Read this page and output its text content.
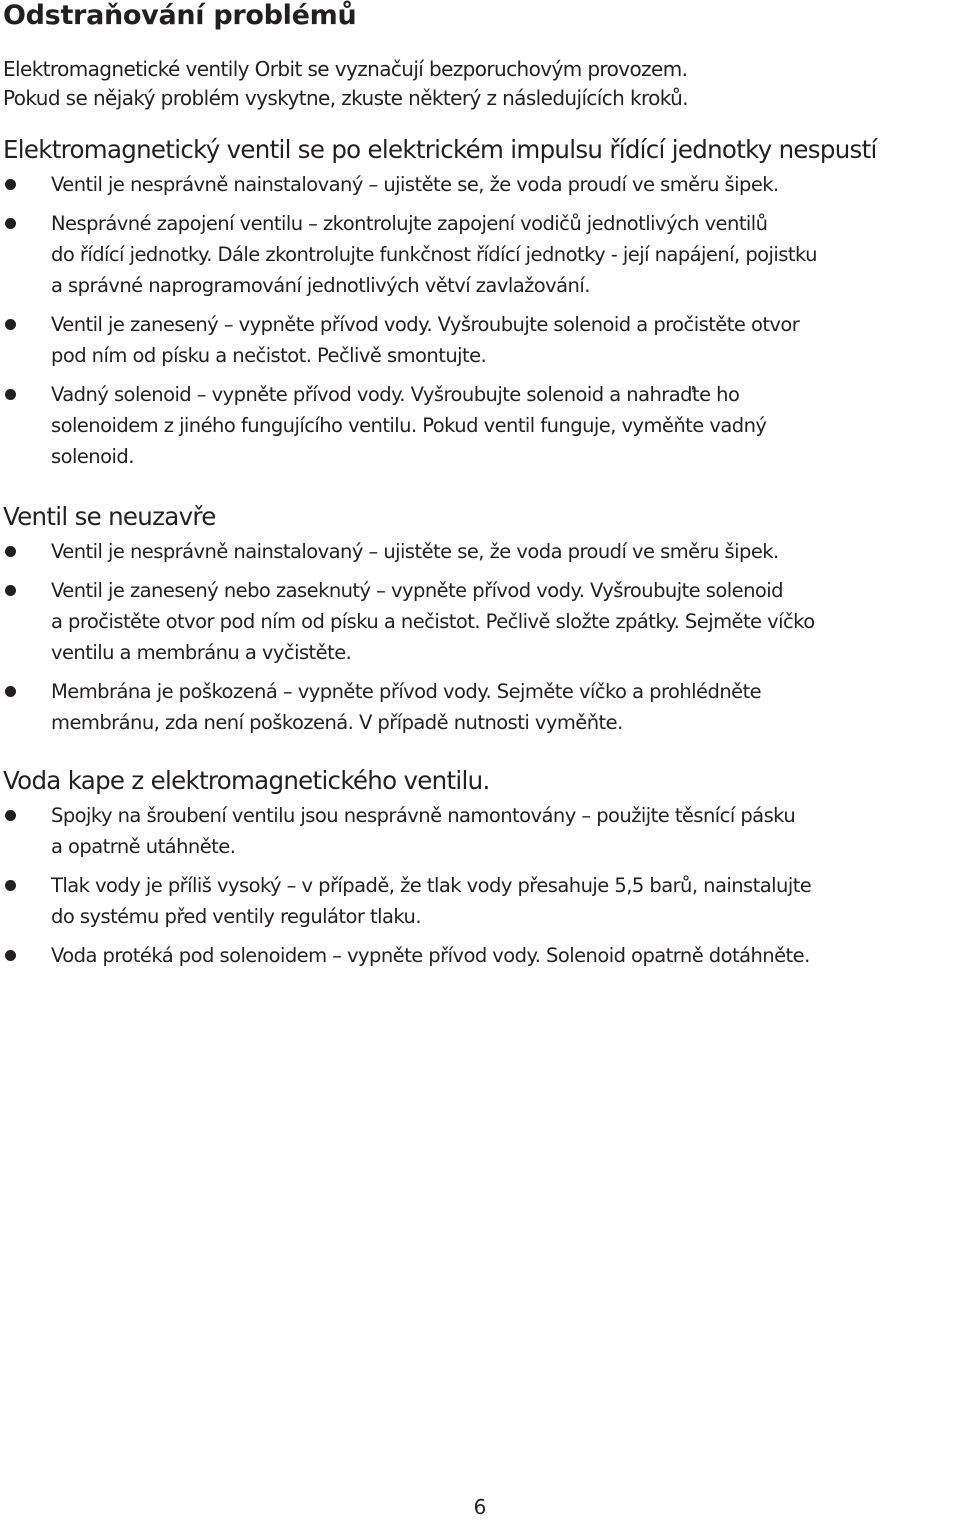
Odstraňování problémů

Elektromagnetické ventily Orbit se vyznačují bezporuchovým provozem.
Pokud se nějaký problém vyskytne, zkuste některý z následujících kroků.

Elektromagnetický ventil se po elektrickém impulsu řídící jednotky nespustí
Ventil je nesprávně nainstalovaný – ujistěte se, že voda proudí ve směru šipek.
Nesprávné zapojení ventilu – zkontrolujte zapojení vodičů jednotlivých ventilů
do řídící jednotky. Dále zkontrolujte funkčnost řídící jednotky - její napájení, pojistku
a správné naprogramování jednotlivých větví zavlažování.
Ventil je zanesený – vypněte přívod vody. Vyšroubujte solenoid a pročistěte otvor
pod ním od písku a nečistot. Pečlivě smontujte.
Vadný solenoid – vypněte přívod vody. Vyšroubujte solenoid a nahraďte ho
solenoidem z jiného fungujícího ventilu. Pokud ventil funguje, vyměňte vadný
solenoid.
Ventil se neuzavře
Ventil je nesprávně nainstalovaný – ujistěte se, že voda proudí ve směru šipek.
Ventil je zanesený nebo zaseknutý – vypněte přívod vody. Vyšroubujte solenoid
a pročistěte otvor pod ním od písku a nečistot. Pečlivě složte zpátky. Sejměte víčko
ventilu a membránu a vyčistěte.
Membrána je poškozená – vypněte přívod vody. Sejměte víčko a prohlédněte
membránu, zda není poškozená. V případě nutnosti vyměňte.
Voda kape z elektromagnetického ventilu.
Spojky na šroubení ventilu jsou nesprávně namontovány – použijte těsnící pásku
a opatrně utáhněte.
Tlak vody je příliš vysoký – v případě, že tlak vody přesahuje 5,5 barů, nainstalujte
do systému před ventily regulátor tlaku.
Voda protéká pod solenoidem – vypněte přívod vody. Solenoid opatrně dotáhněte.
6
